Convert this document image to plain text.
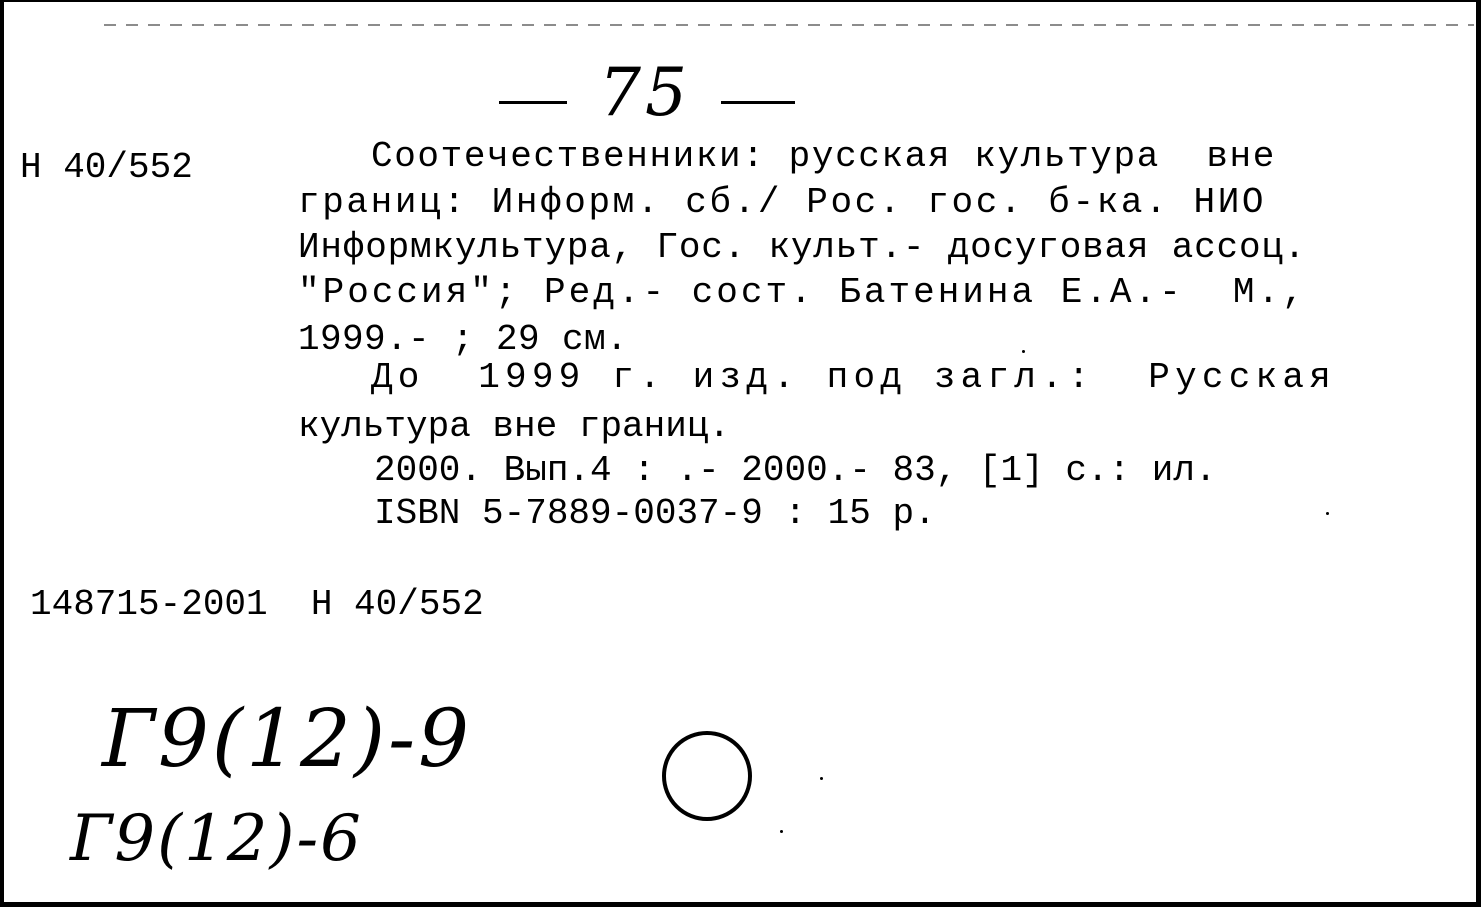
75
Н 40/552	Соотечественники: русская культура  вне
границ: Информ. сб./ Рос. гос. б-ка. НИО
Информкультура, Гос. культ.- досуговая ассоц.
"Россия"; Ред.- сост. Батенина Е.А.-  М.,
1999.- ; 29 см.
До  1999 г. изд. под загл.:  Русская
культура вне границ.
2000. Вып.4 : .- 2000.- 83, [1] с.: ил.
ISBN 5-7889-0037-9 : 15 р.
148715-2001  Н 40/552
Г9(12)-9
Г9(12)-6
